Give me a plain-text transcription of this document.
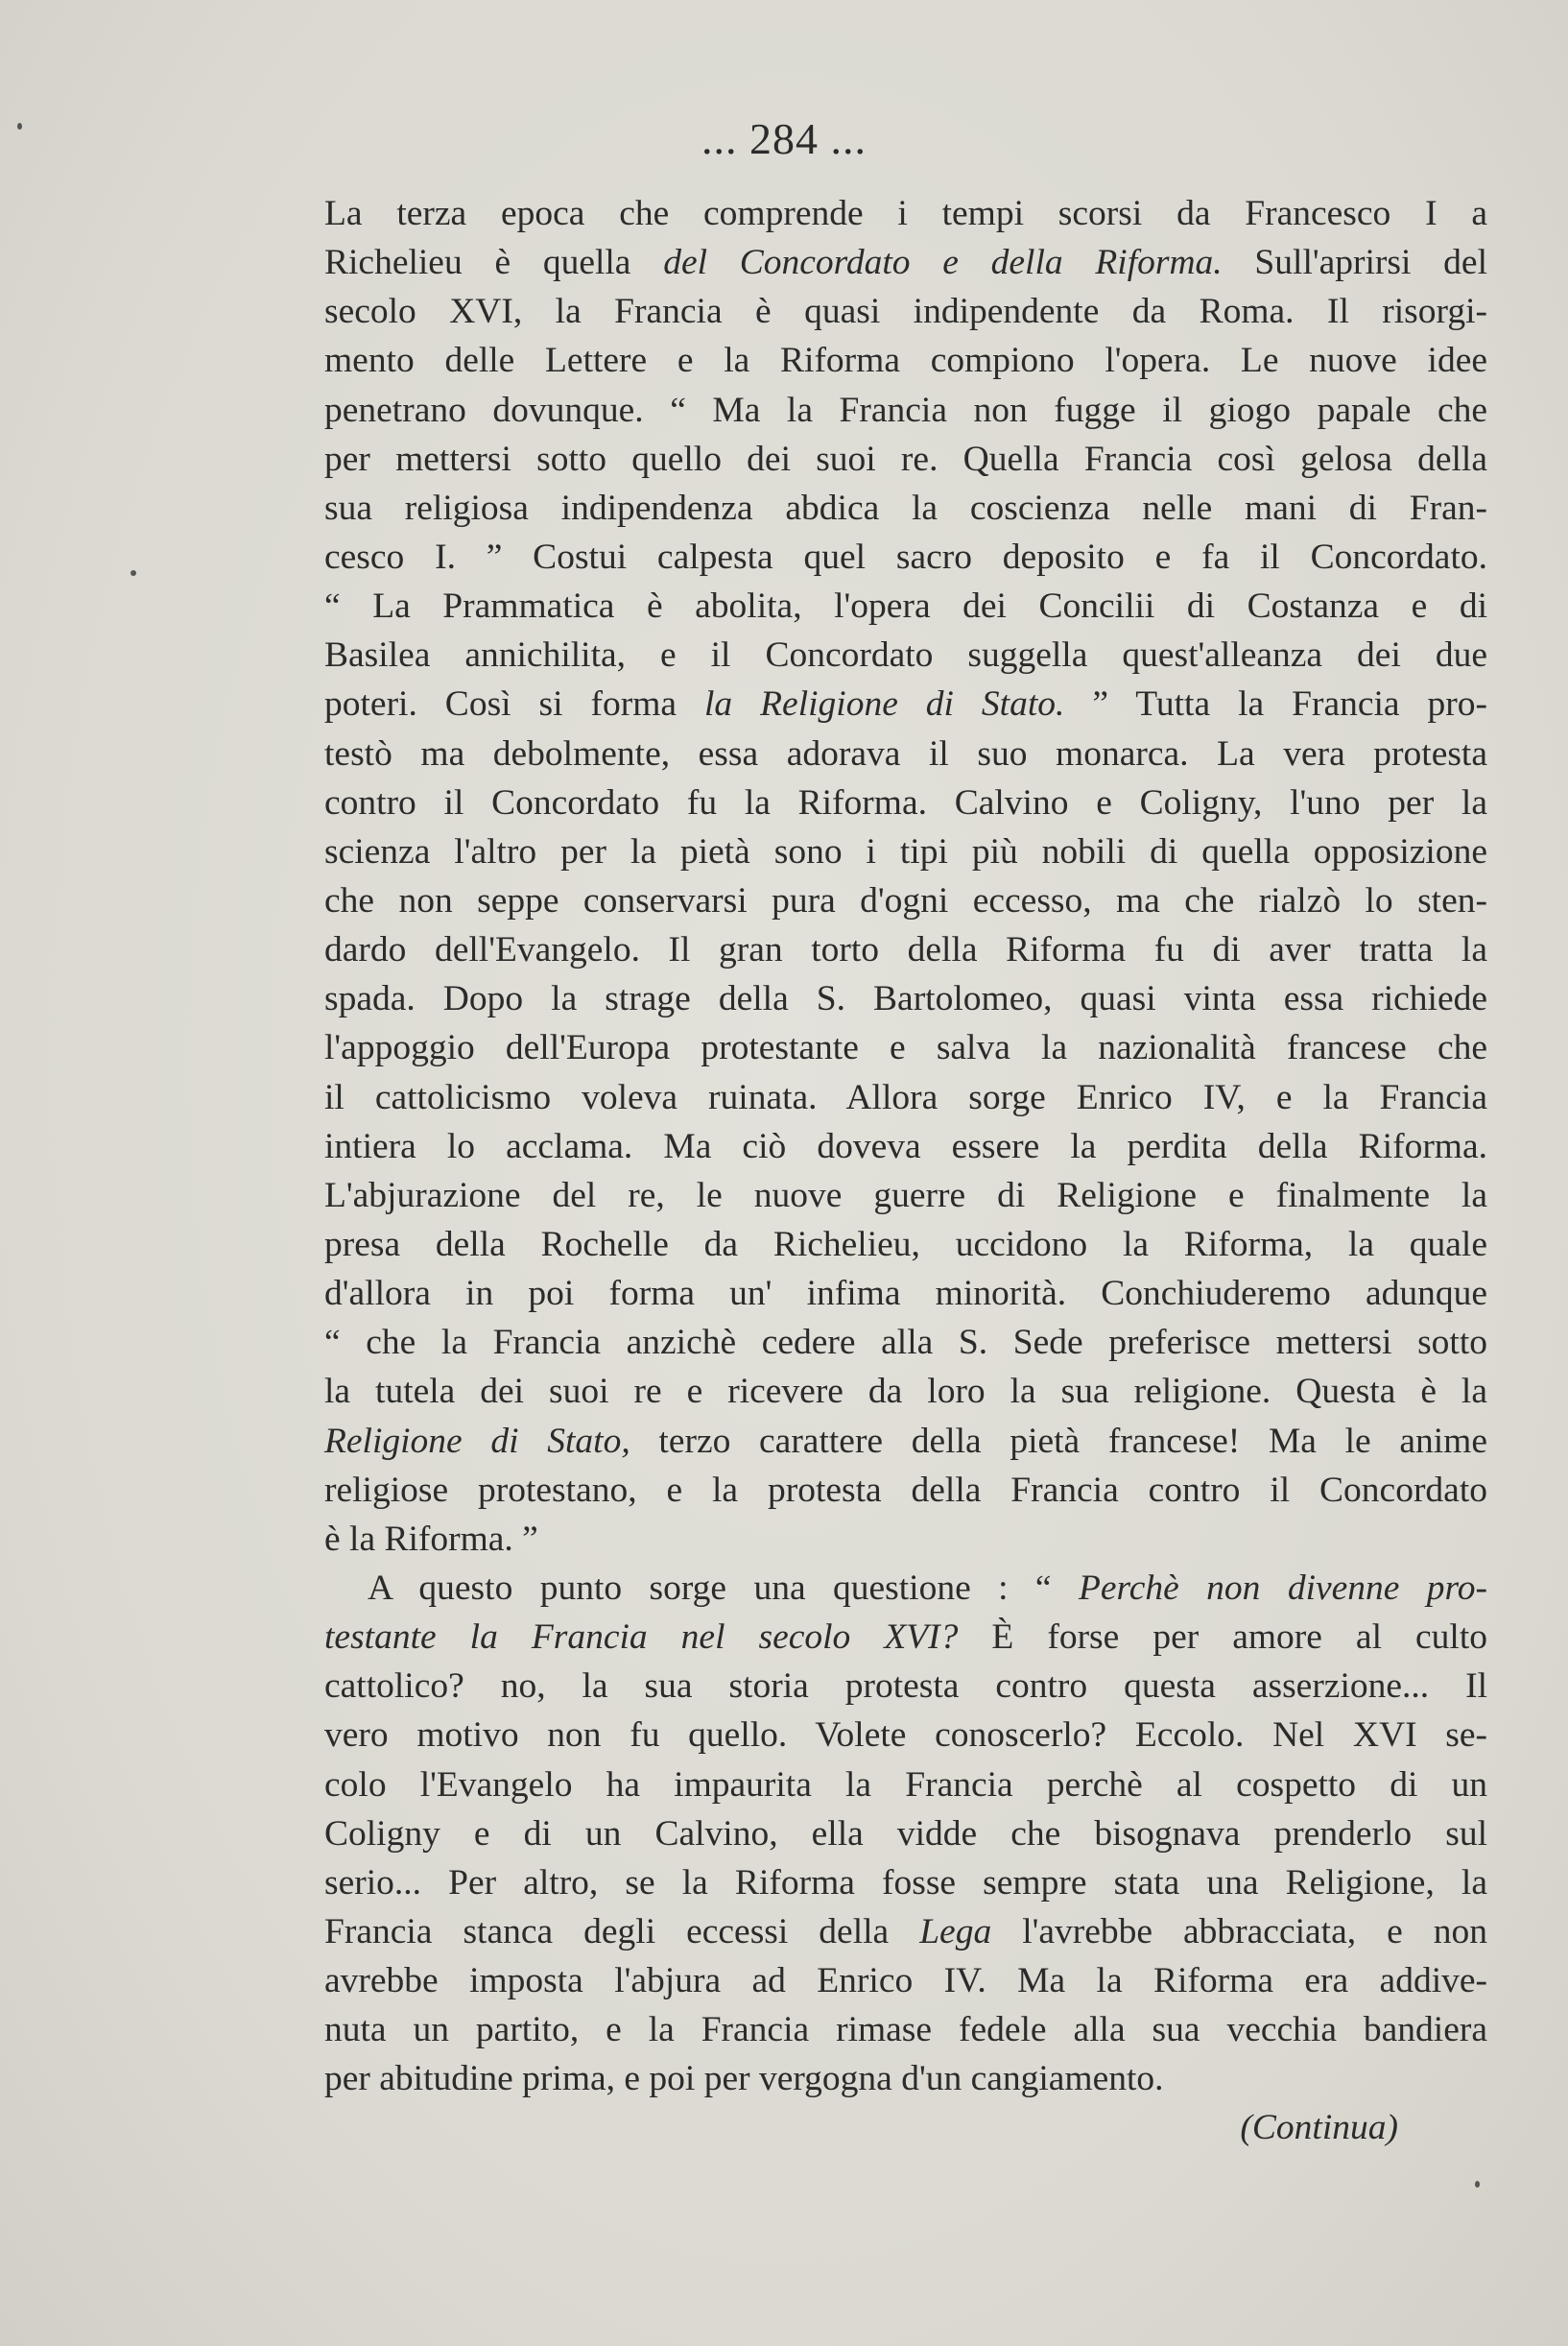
... 284 ...
La terza epoca che comprende i tempi scorsi da Francesco I a
Richelieu è quella del Concordato e della Riforma. Sull'aprirsi del
secolo XVI, la Francia è quasi indipendente da Roma. Il risorgi-
mento delle Lettere e la Riforma compiono l'opera. Le nuove idee
penetrano dovunque. “ Ma la Francia non fugge il giogo papale che
per mettersi sotto quello dei suoi re. Quella Francia così gelosa della
sua religiosa indipendenza abdica la coscienza nelle mani di Fran-
cesco I. ” Costui calpesta quel sacro deposito e fa il Concordato.
“ La Prammatica è abolita, l'opera dei Concilii di Costanza e di
Basilea annichilita, e il Concordato suggella quest'alleanza dei due
poteri. Così si forma la Religione di Stato. ” Tutta la Francia pro-
testò ma debolmente, essa adorava il suo monarca. La vera protesta
contro il Concordato fu la Riforma. Calvino e Coligny, l'uno per la
scienza l'altro per la pietà sono i tipi più nobili di quella opposizione
che non seppe conservarsi pura d'ogni eccesso, ma che rialzò lo sten-
dardo dell'Evangelo. Il gran torto della Riforma fu di aver tratta la
spada. Dopo la strage della S. Bartolomeo, quasi vinta essa richiede
l'appoggio dell'Europa protestante e salva la nazionalità francese che
il cattolicismo voleva ruinata. Allora sorge Enrico IV, e la Francia
intiera lo acclama. Ma ciò doveva essere la perdita della Riforma.
L'abjurazione del re, le nuove guerre di Religione e finalmente la
presa della Rochelle da Richelieu, uccidono la Riforma, la quale
d'allora in poi forma un' infima minorità. Conchiuderemo adunque
“ che la Francia anzichè cedere alla S. Sede preferisce mettersi sotto
la tutela dei suoi re e ricevere da loro la sua religione. Questa è la
Religione di Stato, terzo carattere della pietà francese! Ma le anime
religiose protestano, e la protesta della Francia contro il Concordato
è la Riforma. ”
A questo punto sorge una questione : “ Perchè non divenne pro-
testante la Francia nel secolo XVI? È forse per amore al culto
cattolico? no, la sua storia protesta contro questa asserzione... Il
vero motivo non fu quello. Volete conoscerlo? Eccolo. Nel XVI se-
colo l'Evangelo ha impaurita la Francia perchè al cospetto di un
Coligny e di un Calvino, ella vidde che bisognava prenderlo sul
serio... Per altro, se la Riforma fosse sempre stata una Religione, la
Francia stanca degli eccessi della Lega l'avrebbe abbracciata, e non
avrebbe imposta l'abjura ad Enrico IV. Ma la Riforma era addive-
nuta un partito, e la Francia rimase fedele alla sua vecchia bandiera
per abitudine prima, e poi per vergogna d'un cangiamento.
(Continua)
